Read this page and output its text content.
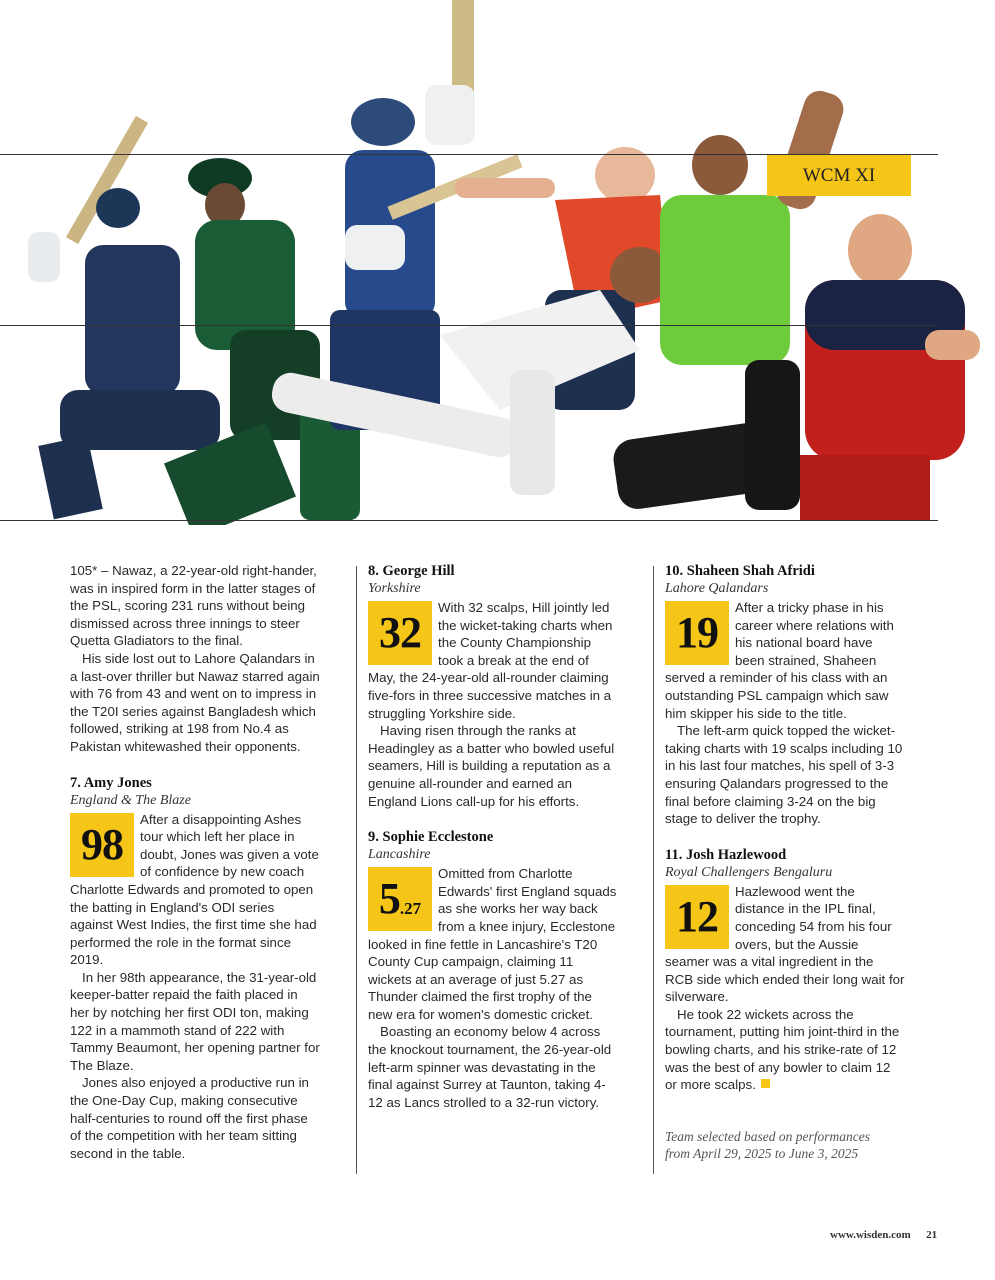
WCM XI

105* – Nawaz, a 22-year-old right-hander, was in inspired form in the latter stages of the PSL, scoring 231 runs without being dismissed across three innings to steer Quetta Gladiators to the final.

His side lost out to Lahore Qalandars in a last-over thriller but Nawaz starred again with 76 from 43 and went on to impress in the T20I series against Bangladesh which followed, striking at 198 from No.4 as Pakistan whitewashed their opponents.

7. Amy Jones
England & The Blaze
98

After a disappointing Ashes tour which left her place in doubt, Jones was given a vote of confidence by new coach Charlotte Edwards and promoted to open the batting in England's ODI series against West Indies, the first time she had performed the role in the format since 2019.

In her 98th appearance, the 31-year-old keeper-batter repaid the faith placed in her by notching her first ODI ton, making 122 in a mammoth stand of 222 with Tammy Beaumont, her opening partner for The Blaze.

Jones also enjoyed a productive run in the One-Day Cup, making consecutive half-centuries to round off the first phase of the competition with her team sitting second in the table.

8. George Hill
Yorkshire
32

With 32 scalps, Hill jointly led the wicket-taking charts when the County Championship took a break at the end of May, the 24-year-old all-rounder claiming five-fors in three successive matches in a struggling Yorkshire side.

Having risen through the ranks at Headingley as a batter who bowled useful seamers, Hill is building a reputation as a genuine all-rounder and earned an England Lions call-up for his efforts.

9. Sophie Ecclestone
Lancashire
5 .27

Omitted from Charlotte Edwards' first England squads as she works her way back from a knee injury, Ecclestone looked in fine fettle in Lancashire's T20 County Cup campaign, claiming 11 wickets at an average of just 5.27 as Thunder claimed the first trophy of the new era for women's domestic cricket.

Boasting an economy below 4 across the knockout tournament, the 26-year-old left-arm spinner was devastating in the final against Surrey at Taunton, taking 4-12 as Lancs strolled to a 32-run victory.

10. Shaheen Shah Afridi
Lahore Qalandars
19

After a tricky phase in his career where relations with his national board have been strained, Shaheen served a reminder of his class with an outstanding PSL campaign which saw him skipper his side to the title.

The left-arm quick topped the wicket-taking charts with 19 scalps including 10 in his last four matches, his spell of 3-3 ensuring Qalandars progressed to the final before claiming 3-24 on the big stage to deliver the trophy.

11. Josh Hazlewood
Royal Challengers Bengaluru
12

Hazlewood went the distance in the IPL final, conceding 54 from his four overs, but the Aussie seamer was a vital ingredient in the RCB side which ended their long wait for silverware.

He took 22 wickets across the tournament, putting him joint-third in the bowling charts, and his strike-rate of 12 was the best of any bowler to claim 12 or more scalps.

Team selected based on performances
from April 29, 2025 to June 3, 2025
www.wisden.com 21
